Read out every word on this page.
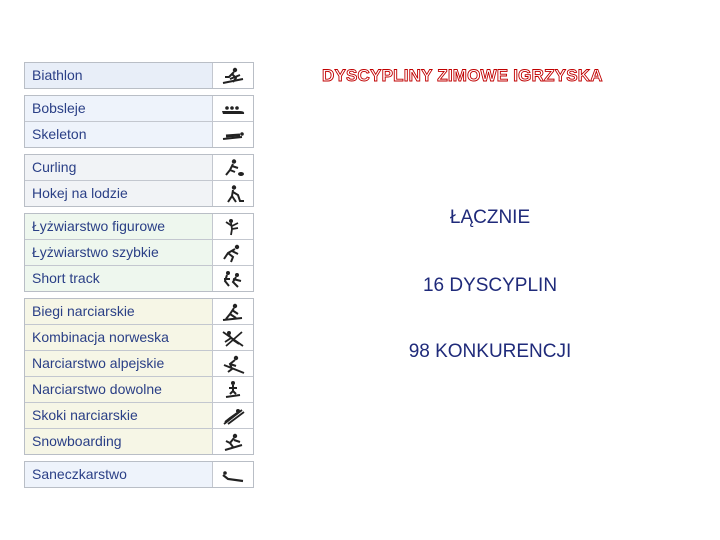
Biathlon
Bobsleje
Skeleton
Curling
Hokej na lodzie
Łyżwiarstwo figurowe
Łyżwiarstwo szybkie
Short track
Biegi narciarskie
Kombinacja norweska
Narciarstwo alpejskie
Narciarstwo dowolne
Skoki narciarskie
Snowboarding
Saneczkarstwo
DYSCYPLINY ZIMOWE IGRZYSKA
ŁĄCZNIE
16 DYSCYPLIN
98 KONKURENCJI
